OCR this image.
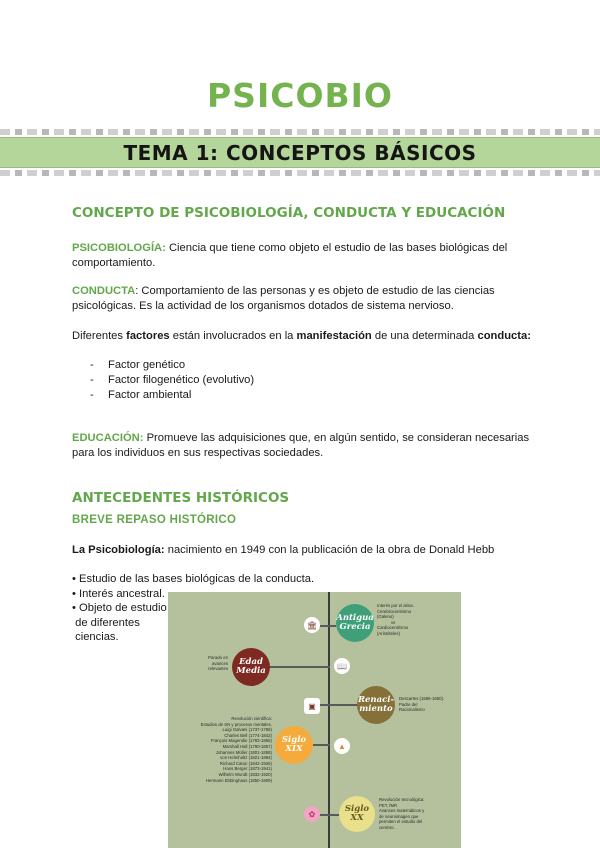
PSICOBIO
TEMA 1: CONCEPTOS BÁSICOS
CONCEPTO DE PSICOBIOLOGÍA, CONDUCTA Y EDUCACIÓN
PSICOBIOLOGÍA: Ciencia que tiene como objeto el estudio de las bases biológicas del comportamiento.
CONDUCTA: Comportamiento de las personas y es objeto de estudio de las ciencias psicológicas. Es la actividad de los organismos dotados de sistema nervioso.
Diferentes factores están involucrados en la manifestación de una determinada conducta:
- Factor genético
- Factor filogenético (evolutivo)
- Factor ambiental
EDUCACIÓN: Promueve las adquisiciones que, en algún sentido, se consideran necesarias para los individuos en sus respectivas sociedades.
ANTECEDENTES HISTÓRICOS
BREVE REPASO HISTÓRICO
La Psicobiología: nacimiento en 1949 con la publicación de la obra de Donald Hebb
• Estudio de las bases biológicas de la conducta.
• Interés ancestral.
• Objeto de estudio
de diferentes
ciencias.
Antigua Grecia
🏛
Interés por el alma.
Cerebrocentrismo
(Galeno)
vs
Cardiocentrismo
(Aristóteles)
Edad Media	📖
Parado en
avances
relevantes
Renaci-miento
▣
Descartes (1596-1650).
Padre del
Racionalismo
Siglo XIX	▲
Revolución científica:
Estudios de SN y procesos mentales.
Luigi Galvani (1737-1798)
Charles Bell (1774-1842)
François Magendie (1783-1855)
Marshall Hall (1790-1857)
Johannes Müller (1801-1858)
von Helmholtz (1821-1894)
Richard Caton (1842-1926)
Hans Berger (1873-1941)
Wilhelm Wundt (1832-1920)
Hermann Ebbinghaus (1850-1909)
Siglo XX
✿
Revolución tecnológica:
PET, fMR
Avances matemáticos y
de neuroimagen que
permiten el estudio del
cerebro.
